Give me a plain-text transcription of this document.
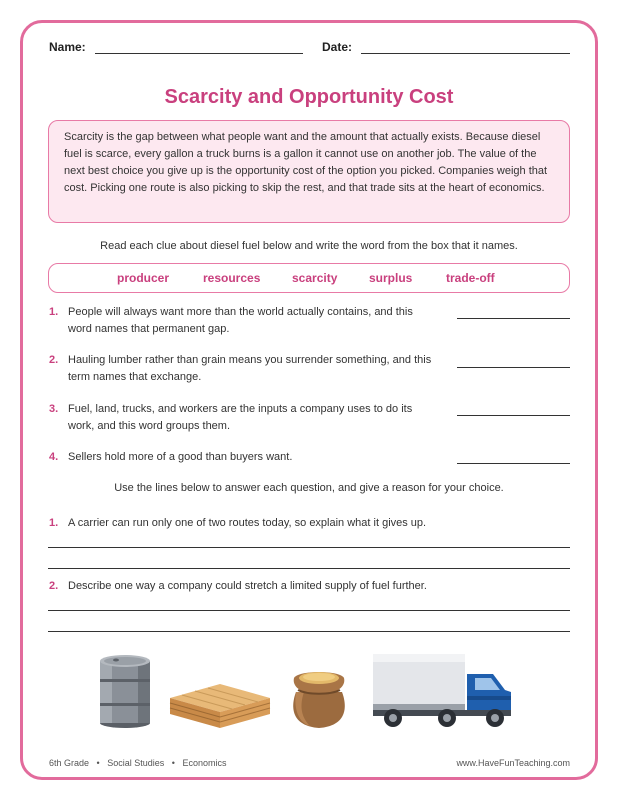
Name:	Date:
Scarcity and Opportunity Cost
Scarcity is the gap between what people want and the amount that actually exists. Because diesel fuel is scarce, every gallon a truck burns is a gallon it cannot use on another job. The value of the next best choice you give up is the opportunity cost of the option you picked. Companies weigh that cost. Picking one route is also picking to skip the rest, and that trade sits at the heart of economics.
Read each clue about diesel fuel below and write the word from the box that it names.
producer	resources	scarcity	surplus	trade-off
1. People will always want more than the world actually contains, and this word names that permanent gap.
2. Hauling lumber rather than grain means you surrender something, and this term names that exchange.
3. Fuel, land, trucks, and workers are the inputs a company uses to do its work, and this word groups them.
4. Sellers hold more of a good than buyers want.
Use the lines below to answer each question, and give a reason for your choice.
1. A carrier can run only one of two routes today, so explain what it gives up.
2. Describe one way a company could stretch a limited supply of fuel further.
6th Grade • Social Studies • Economics	www.HaveFunTeaching.com
